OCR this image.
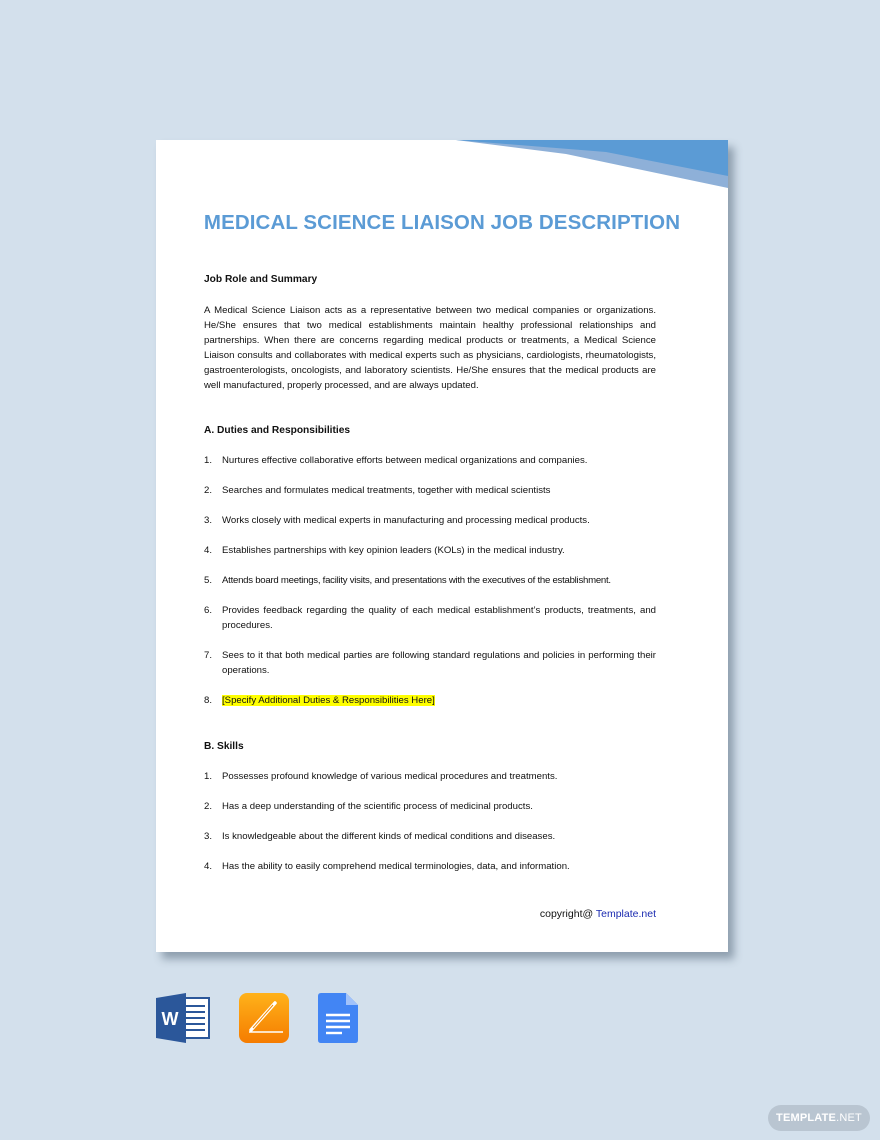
MEDICAL SCIENCE LIAISON JOB DESCRIPTION
Job Role and Summary
A Medical Science Liaison acts as a representative between two medical companies or organizations. He/She ensures that two medical establishments maintain healthy professional relationships and partnerships. When there are concerns regarding medical products or treatments, a Medical Science Liaison consults and collaborates with medical experts such as physicians, cardiologists, rheumatologists, gastroenterologists, oncologists, and laboratory scientists. He/She ensures that the medical products are well manufactured, properly processed, and are always updated.
A. Duties and Responsibilities
1. Nurtures effective collaborative efforts between medical organizations and companies.
2. Searches and formulates medical treatments, together with medical scientists
3. Works closely with medical experts in manufacturing and processing medical products.
4. Establishes partnerships with key opinion leaders (KOLs) in the medical industry.
5. Attends board meetings, facility visits, and presentations with the executives of the establishment.
6. Provides feedback regarding the quality of each medical establishment’s products, treatments, and procedures.
7. Sees to it that both medical parties are following standard regulations and policies in performing their operations.
8. [Specify Additional Duties & Responsibilities Here]
B. Skills
1. Possesses profound knowledge of various medical procedures and treatments.
2. Has a deep understanding of the scientific process of medicinal products.
3. Is knowledgeable about the different kinds of medical conditions and diseases.
4. Has the ability to easily comprehend medical terminologies, data, and information.
copyright@ Template.net
W
TEMPLATE .NET
